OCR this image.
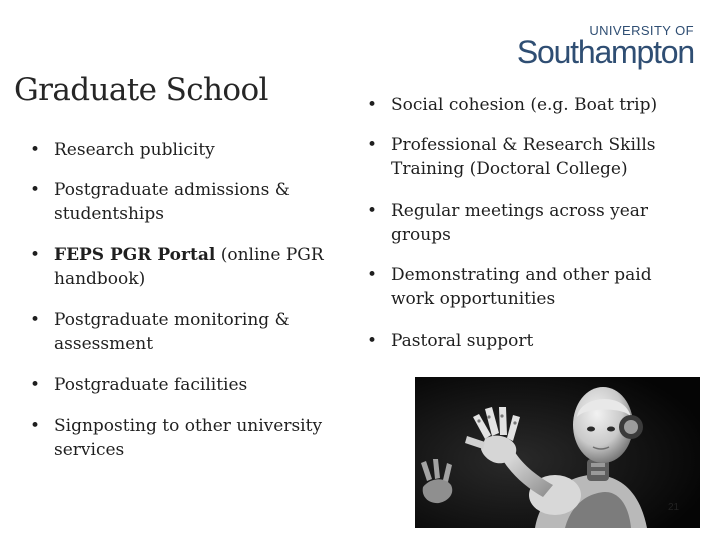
UNIVERSITY OF
Southampton
Graduate School
• Research publicity
• Postgraduate admissions & studentships
• FEPS PGR Portal (online PGR handbook)
• Postgraduate monitoring & assessment
• Postgraduate facilities
• Signposting to other university services
• Social cohesion (e.g. Boat trip)
• Professional & Research Skills Training (Doctoral College)
• Regular meetings across year groups
• Demonstrating and other paid work opportunities
• Pastoral support
21
